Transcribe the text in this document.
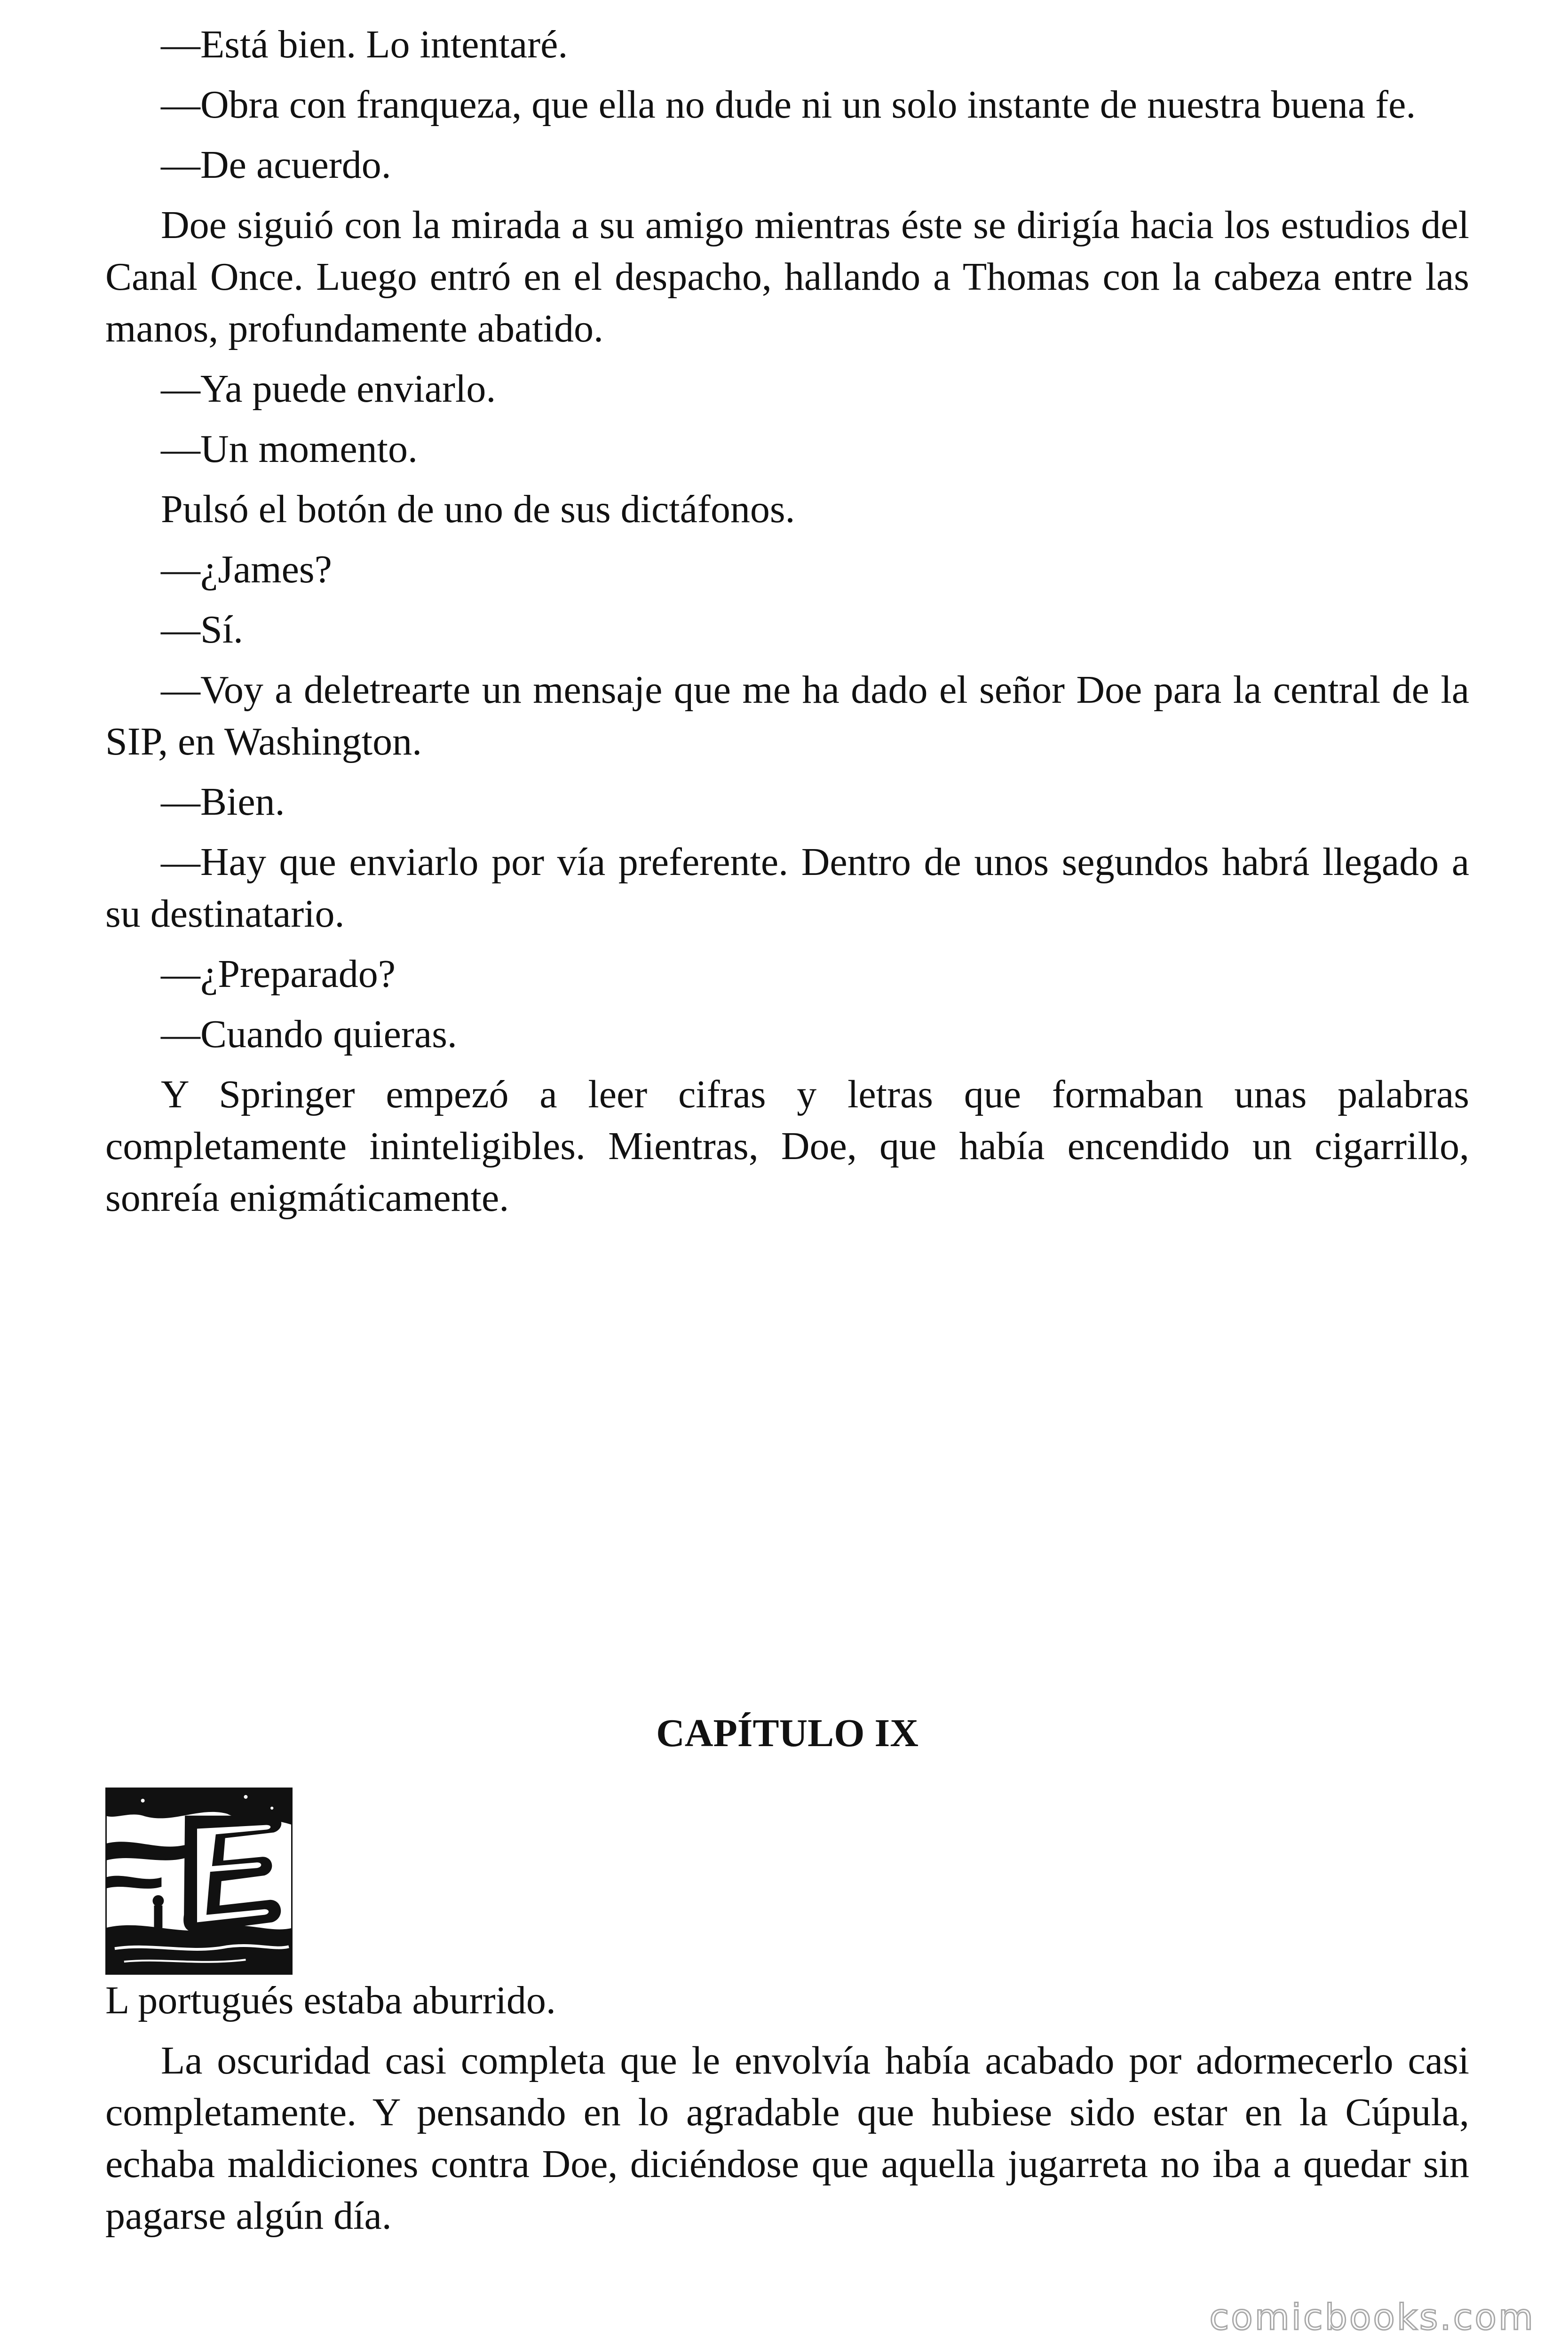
—Está bien. Lo intentaré.

—Obra con franqueza, que ella no dude ni un solo instante de nuestra buena fe.

—De acuerdo.

Doe siguió con la mirada a su amigo mientras éste se dirigía hacia los estudios del Canal Once. Luego entró en el despacho, hallando a Thomas con la cabeza entre las manos, profundamente abatido.

—Ya puede enviarlo.

—Un momento.

Pulsó el botón de uno de sus dictáfonos.

—¿James?

—Sí.

—Voy a deletrearte un mensaje que me ha dado el señor Doe para la central de la SIP, en Washington.

—Bien.

—Hay que enviarlo por vía preferente. Dentro de unos segundos habrá llegado a su destinatario.

—¿Preparado?

—Cuando quieras.

Y Springer empezó a leer cifras y letras que formaban unas palabras completamente ininteligibles. Mientras, Doe, que había encendido un cigarrillo, sonreía enigmáticamente.

CAPÍTULO IX

L portugués estaba aburrido.

La oscuridad casi completa que le envolvía había acabado por adormecerlo casi completamente. Y pensando en lo agradable que hubiese sido estar en la Cúpula, echaba maldiciones contra Doe, diciéndose que aquella jugarreta no iba a quedar sin pagarse algún día.

comicbooks.com
